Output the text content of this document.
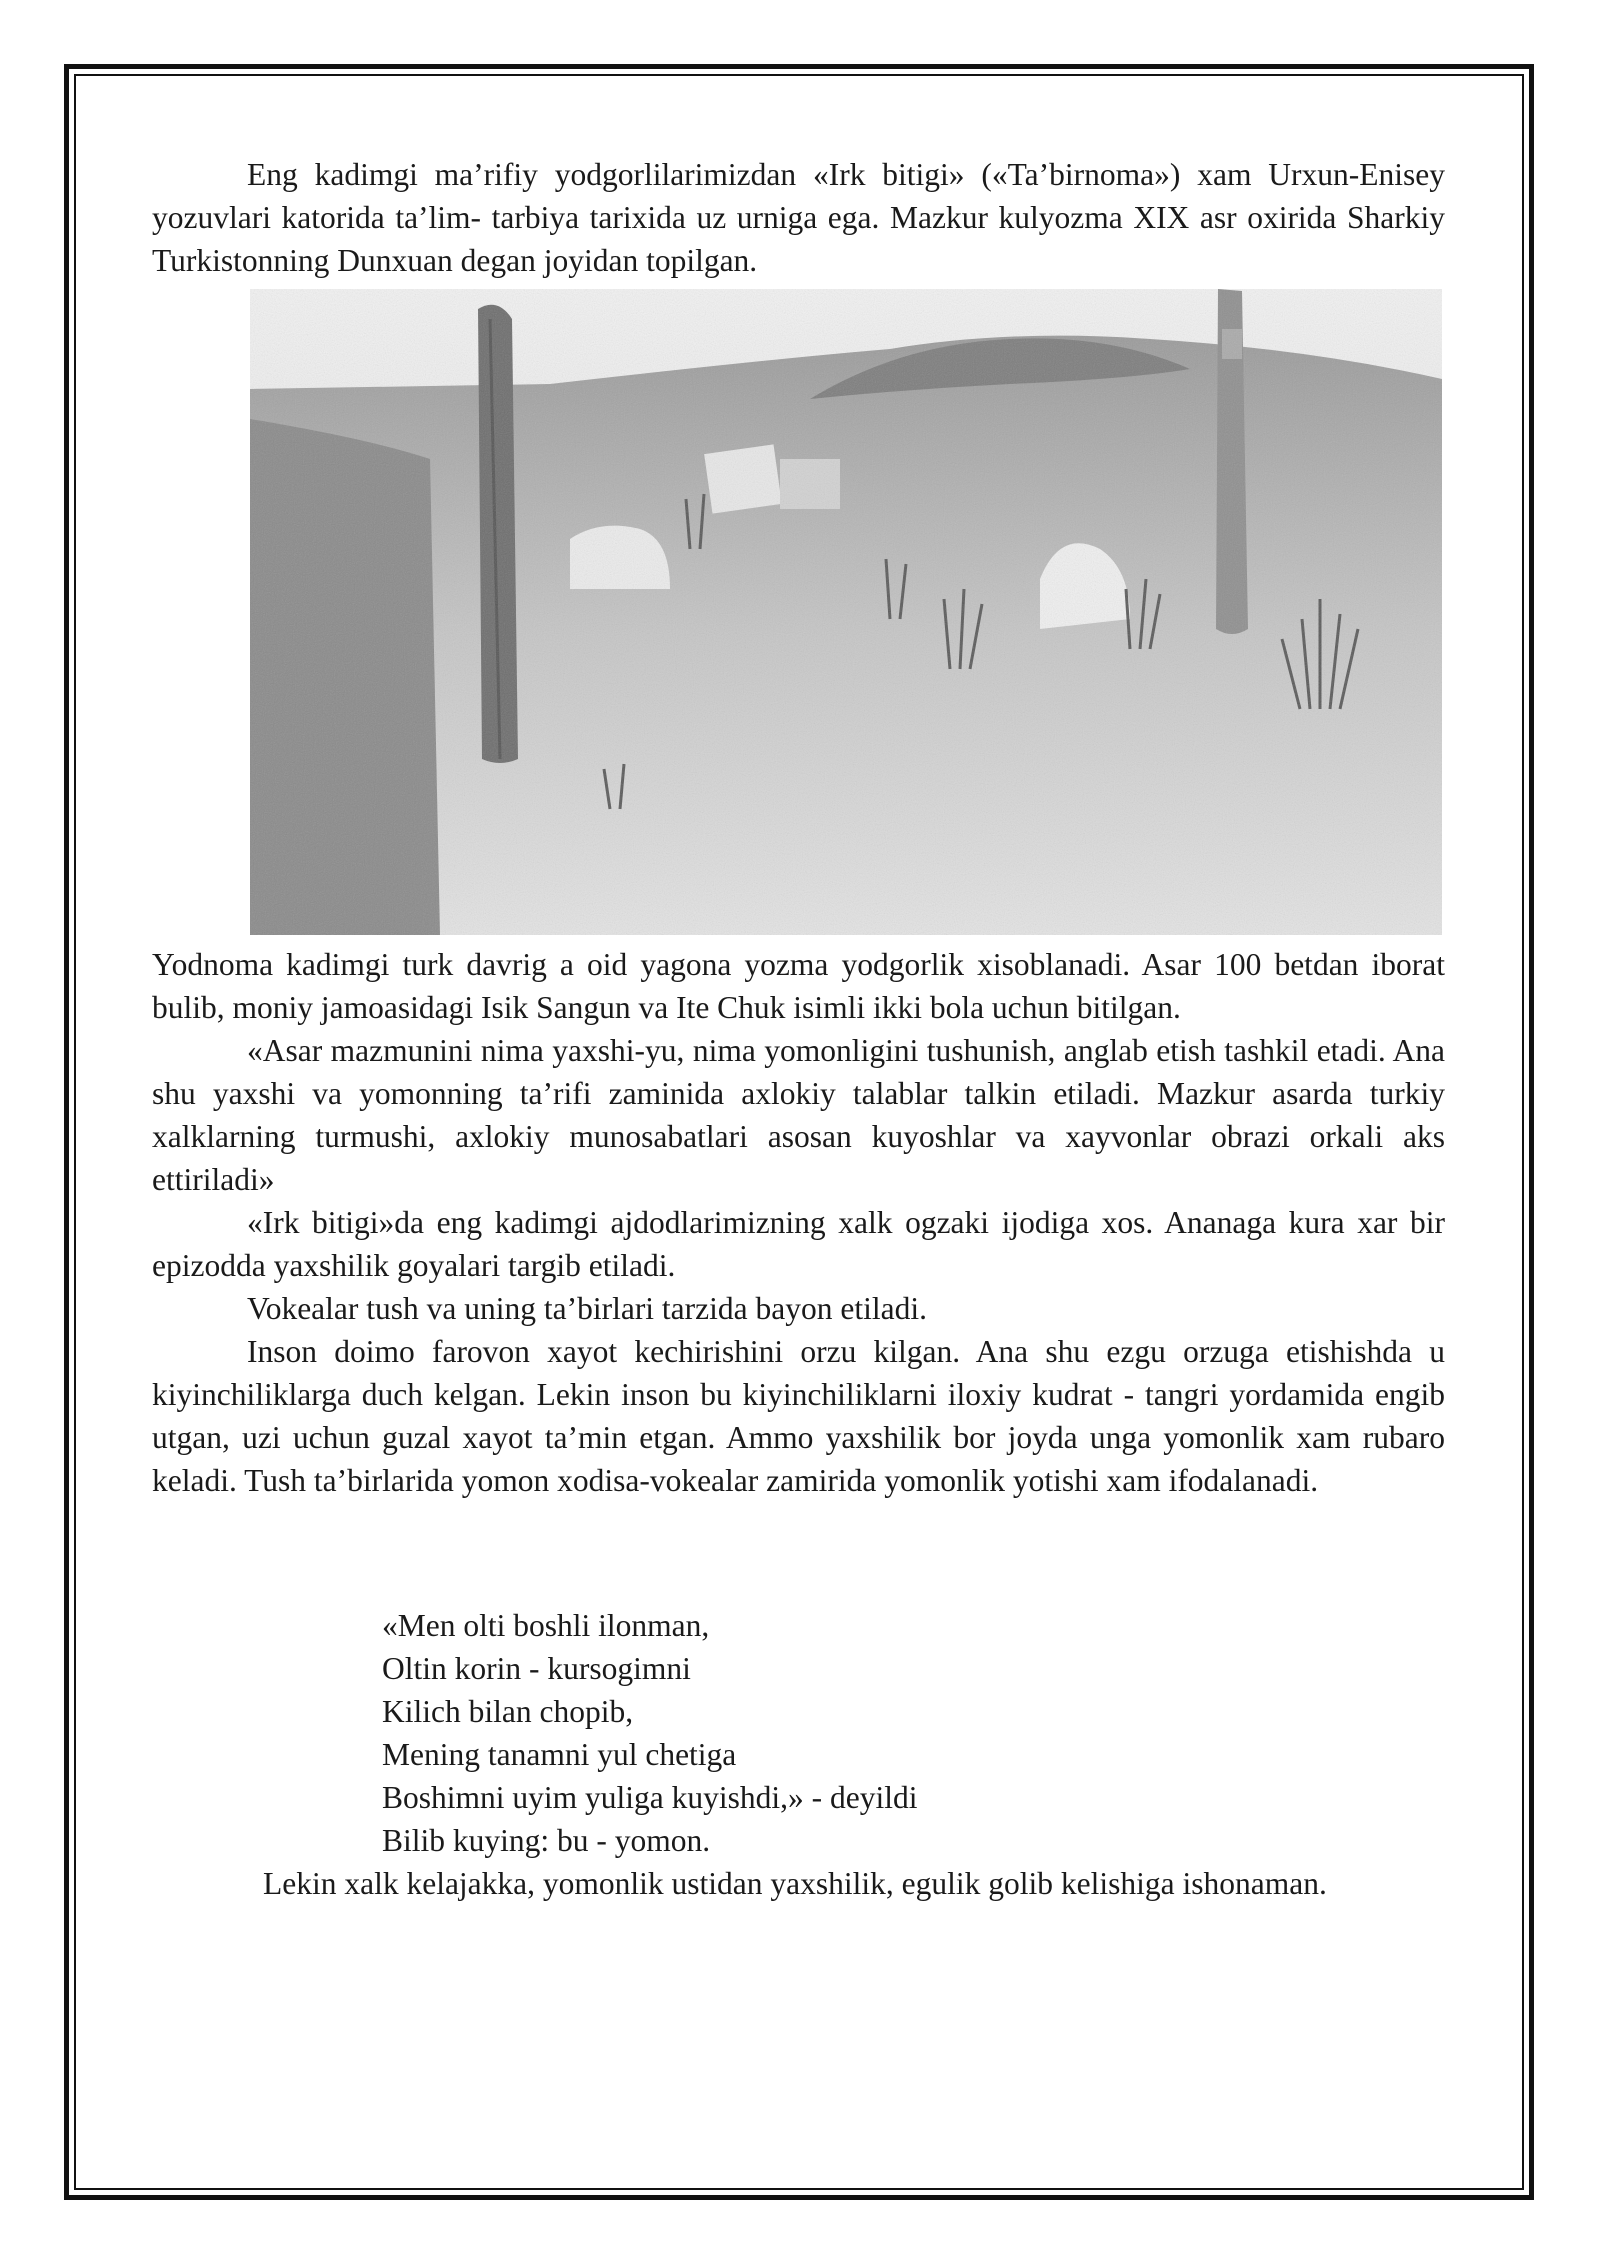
Eng kadimgi ma’rifiy yodgorlilarimizdan «Irk bitigi» («Ta’birnoma») xam Urxun-Enisey yozuvlari katorida ta’lim- tarbiya tarixida uz urniga ega. Mazkur kulyozma XIX asr oxirida Sharkiy Turkistonning Dunxuan degan joyidan topilgan.

Yodnoma kadimgi turk davrig a oid yagona yozma yodgorlik xisoblanadi. Asar 100 betdan iborat bulib, moniy jamoasidagi Isik Sangun va Ite Chuk isimli ikki bola uchun bitilgan.

«Asar mazmunini nima yaxshi-yu, nima yomonligini tushunish, anglab etish tashkil etadi. Ana shu yaxshi va yomonning ta’rifi zaminida axlokiy talablar talkin etiladi. Mazkur asarda turkiy xalklarning turmushi, axlokiy munosabatlari asosan kuyoshlar va xayvonlar obrazi orkali aks ettiriladi»

«Irk bitigi»da eng kadimgi ajdodlarimizning xalk ogzaki ijodiga xos. Ananaga kura xar bir epizodda yaxshilik goyalari targib etiladi.

Vokealar tush va uning ta’birlari tarzida bayon etiladi.

Inson doimo farovon xayot kechirishini orzu kilgan. Ana shu ezgu orzuga etishishda u kiyinchiliklarga duch kelgan. Lekin inson bu kiyinchiliklarni iloxiy kudrat - tangri yordamida engib utgan, uzi uchun guzal xayot ta’min etgan. Ammo yaxshilik bor joyda unga yomonlik xam rubaro keladi. Tush ta’birlarida yomon xodisa-vokealar zamirida yomonlik yotishi xam ifodalanadi.

«Men olti boshli ilonman,
Oltin korin - kursogimni
Kilich bilan chopib,
Mening tanamni yul chetiga
Boshimni uyim yuliga kuyishdi,» - deyildi
Bilib kuying: bu - yomon.

Lekin xalk kelajakka, yomonlik ustidan yaxshilik, egulik golib kelishiga ishonaman.
